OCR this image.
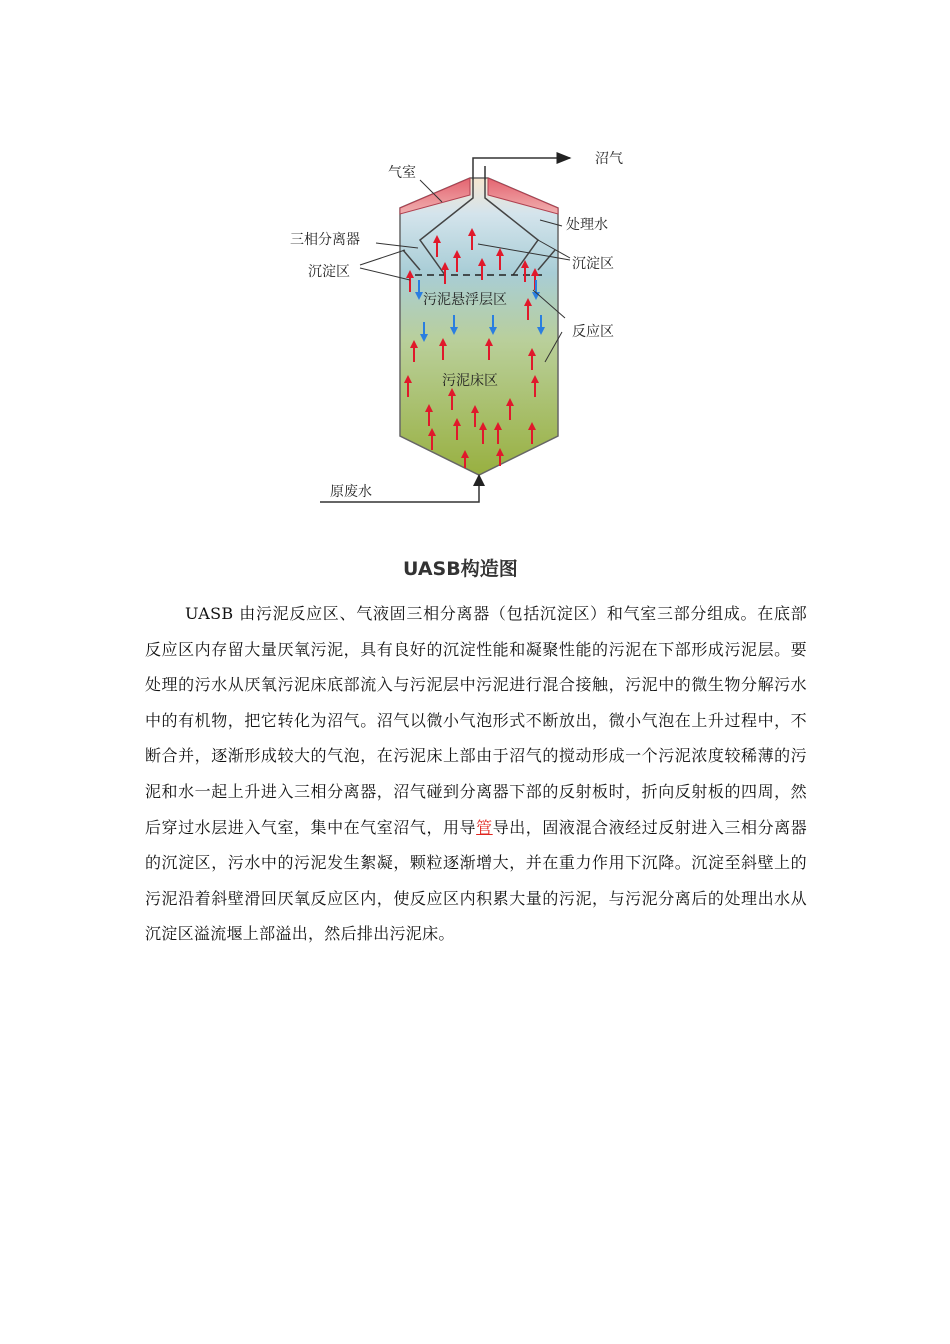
气室
沼气
处理水
三相分离器
沉淀区	沉淀区
污泥悬浮层区
反应区
污泥床区
原废水
UASB构造图
UASB 由污泥反应区、气液固三相分离器（包括沉淀区）和气室三部分组成。在底部反应区内存留大量厌氧污泥，具有良好的沉淀性能和凝聚性能的污泥在下部形成污泥层。要处理的污水从厌氧污泥床底部流入与污泥层中污泥进行混合接触，污泥中的微生物分解污水中的有机物，把它转化为沼气。沼气以微小气泡形式不断放出，微小气泡在上升过程中，不断合并，逐渐形成较大的气泡，在污泥床上部由于沼气的搅动形成一个污泥浓度较稀薄的污泥和水一起上升进入三相分离器，沼气碰到分离器下部的反射板时，折向反射板的四周，然后穿过水层进入气室，集中在气室沼气，用导管导出，固液混合液经过反射进入三相分离器的沉淀区，污水中的污泥发生絮凝，颗粒逐渐增大，并在重力作用下沉降。沉淀至斜壁上的污泥沿着斜壁滑回厌氧反应区内，使反应区内积累大量的污泥，与污泥分离后的处理出水从沉淀区溢流堰上部溢出，然后排出污泥床。
